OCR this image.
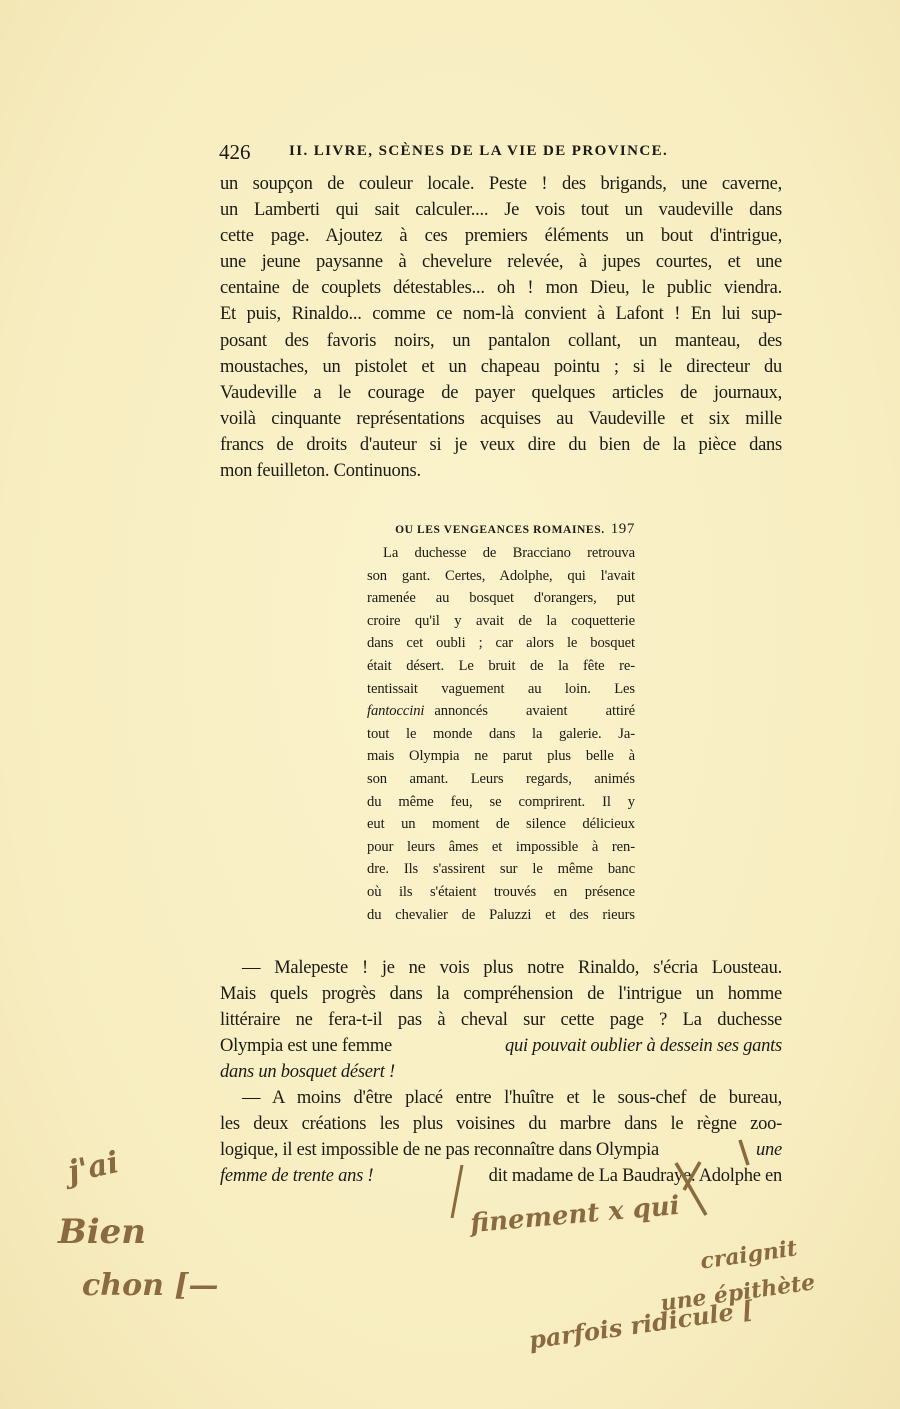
426	II. LIVRE, SCÈNES DE LA VIE DE PROVINCE.
un soupçon de couleur locale. Peste ! des brigands, une caverne,
un Lamberti qui sait calculer.... Je vois tout un vaudeville dans
cette page. Ajoutez à ces premiers éléments un bout d'intrigue,
une jeune paysanne à chevelure relevée, à jupes courtes, et une
centaine de couplets détestables... oh ! mon Dieu, le public viendra.
Et puis, Rinaldo... comme ce nom-là convient à Lafont ! En lui sup-
posant des favoris noirs, un pantalon collant, un manteau, des
moustaches, un pistolet et un chapeau pointu ; si le directeur du
Vaudeville a le courage de payer quelques articles de journaux,
voilà cinquante représentations acquises au Vaudeville et six mille
francs de droits d'auteur si je veux dire du bien de la pièce dans
mon feuilleton. Continuons.
OU LES VENGEANCES ROMAINES. 197
La duchesse de Bracciano retrouva
son gant. Certes, Adolphe, qui l'avait
ramenée au bosquet d'orangers, put
croire qu'il y avait de la coquetterie
dans cet oubli ; car alors le bosquet
était désert. Le bruit de la fête re-
tentissait vaguement au loin. Les
fantoccini annoncés avaient attiré
tout le monde dans la galerie. Ja-
mais Olympia ne parut plus belle à
son amant. Leurs regards, animés
du même feu, se comprirent. Il y
eut un moment de silence délicieux
pour leurs âmes et impossible à ren-
dre. Ils s'assirent sur le même banc
où ils s'étaient trouvés en présence
du chevalier de Paluzzi et des rieurs
— Malepeste ! je ne vois plus notre Rinaldo, s'écria Lousteau.
Mais quels progrès dans la compréhension de l'intrigue un homme
littéraire ne fera-t-il pas à cheval sur cette page ? La duchesse
Olympia est une femme	qui pouvait oublier à dessein ses gants
dans un bosquet désert !
— A moins d'être placé entre l'huître et le sous-chef de bureau,
les deux créations les plus voisines du marbre dans le règne zoo-
logique, il est impossible de ne pas reconnaître dans Olympia	une
femme de trente ans !	dit madame de La Baudraye. Adolphe en
j'ai
Bien
chon [—
finement x qui
craignit
une épithète
parfois ridicule [
